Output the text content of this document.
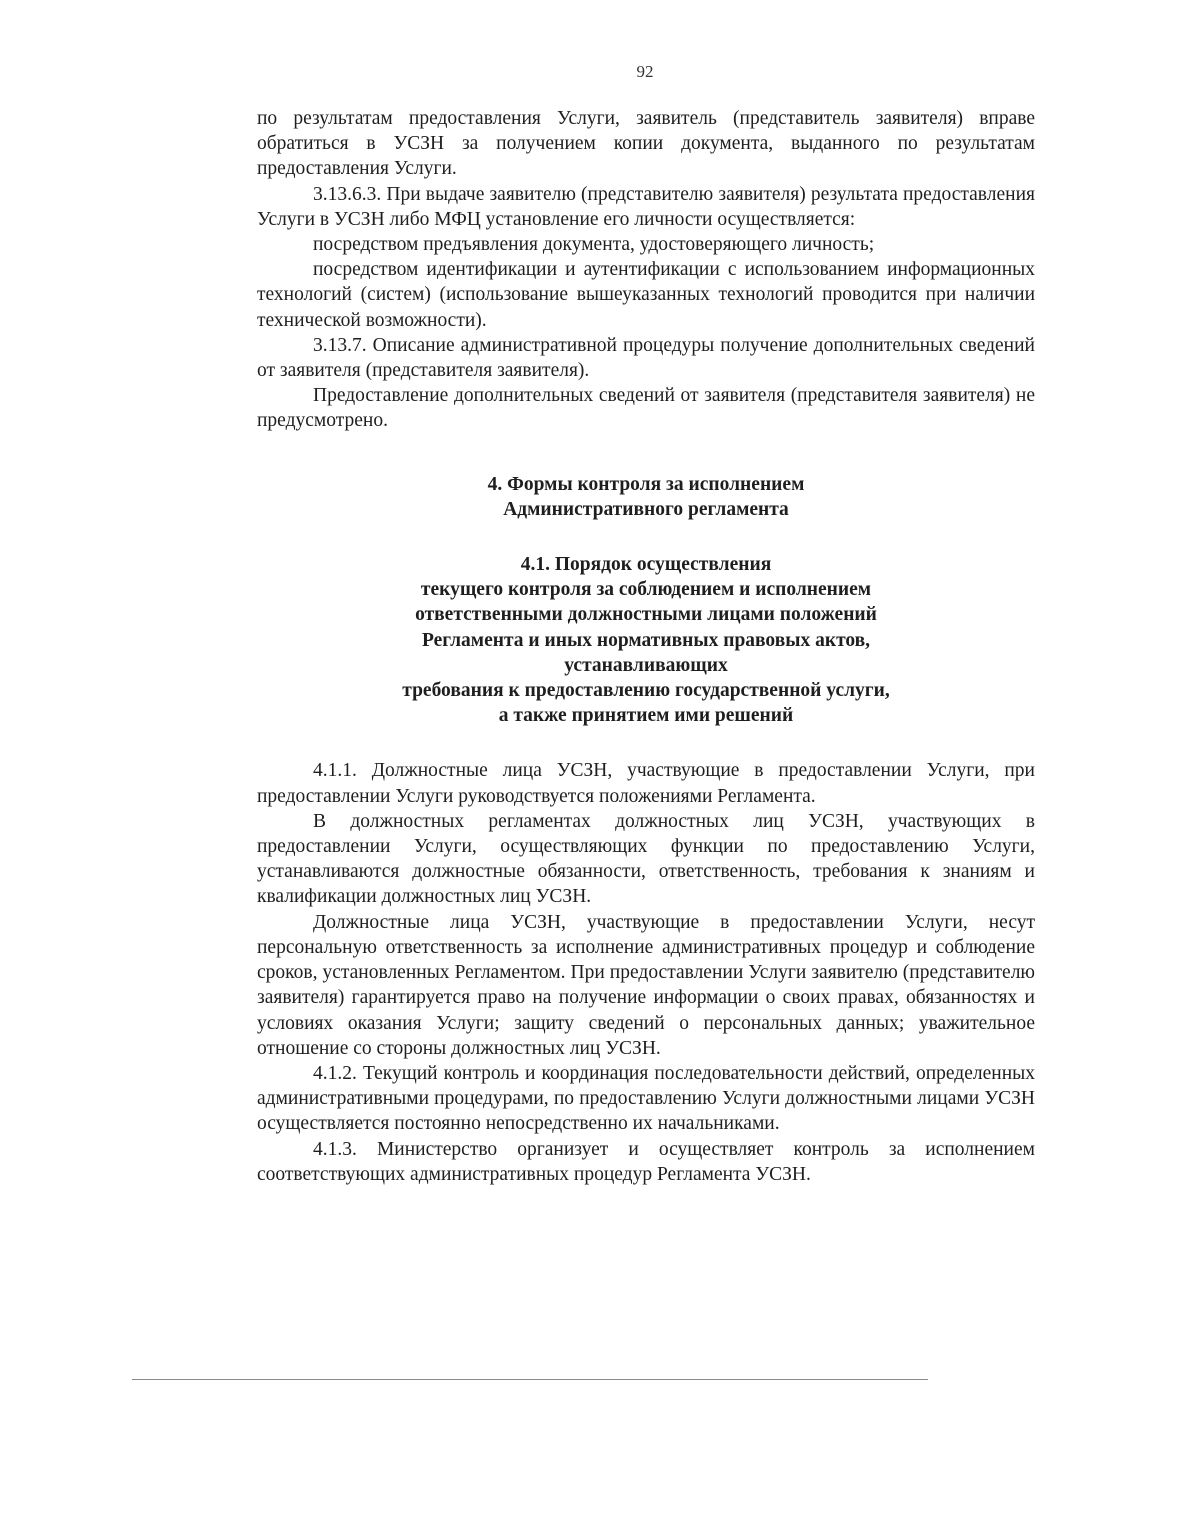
92

по результатам предоставления Услуги, заявитель (представитель заявителя) вправе обратиться в УСЗН за получением копии документа, выданного по результатам предоставления Услуги.

3.13.6.3. При выдаче заявителю (представителю заявителя) результата предоставления Услуги в УСЗН либо МФЦ установление его личности осуществляется:

посредством предъявления документа, удостоверяющего личность;

посредством идентификации и аутентификации с использованием информационных технологий (систем) (использование вышеуказанных технологий проводится при наличии технической возможности).

3.13.7. Описание административной процедуры получение дополнительных сведений от заявителя (представителя заявителя).

Предоставление дополнительных сведений от заявителя (представителя заявителя) не предусмотрено.

4. Формы контроля за исполнением
Административного регламента
4.1. Порядок осуществления
текущего контроля за соблюдением и исполнением
ответственными должностными лицами положений
Регламента и иных нормативных правовых актов,
устанавливающих
требования к предоставлению государственной услуги,
а также принятием ими решений

4.1.1. Должностные лица УСЗН, участвующие в предоставлении Услуги, при предоставлении Услуги руководствуется положениями Регламента.

В должностных регламентах должностных лиц УСЗН, участвующих в предоставлении Услуги, осуществляющих функции по предоставлению Услуги, устанавливаются должностные обязанности, ответственность, требования к знаниям и квалификации должностных лиц УСЗН.

Должностные лица УСЗН, участвующие в предоставлении Услуги, несут персональную ответственность за исполнение административных процедур и соблюдение сроков, установленных Регламентом. При предоставлении Услуги заявителю (представителю заявителя) гарантируется право на получение информации о своих правах, обязанностях и условиях оказания Услуги; защиту сведений о персональных данных; уважительное отношение со стороны должностных лиц УСЗН.

4.1.2. Текущий контроль и координация последовательности действий, определенных административными процедурами, по предоставлению Услуги должностными лицами УСЗН осуществляется постоянно непосредственно их начальниками.

4.1.3. Министерство организует и осуществляет контроль за исполнением соответствующих административных процедур Регламента УСЗН.
